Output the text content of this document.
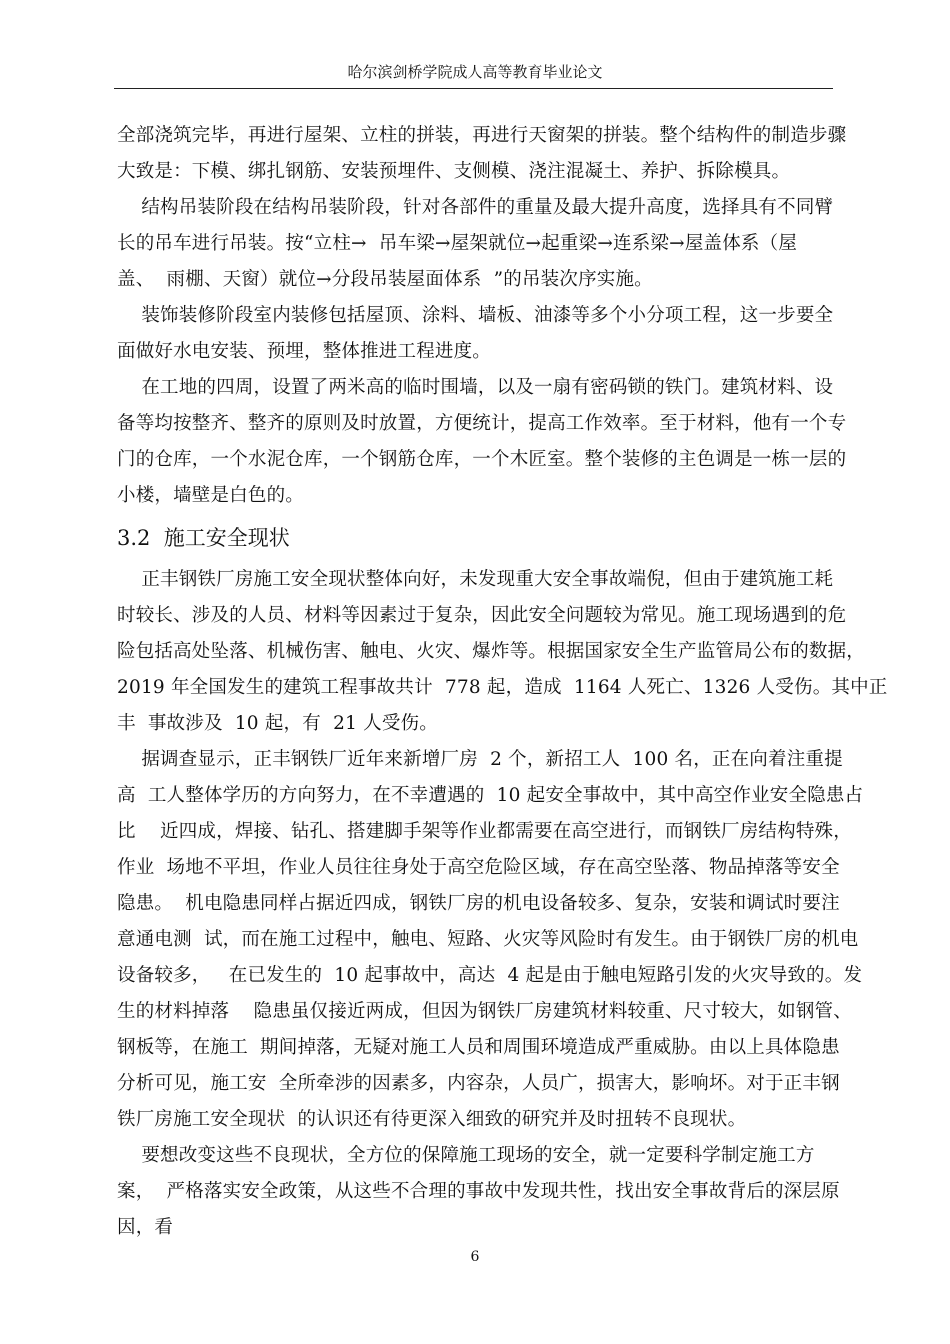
哈尔滨剑桥学院成人高等教育毕业论文
全部浇筑完毕，再进行屋架、立柱的拼装，再进行天窗架的拼装。整个结构件的制造步骤
大致是：下模、绑扎钢筋、安装预埋件、支侧模、浇注混凝土、养护、拆除模具。
结构吊装阶段在结构吊装阶段，针对各部件的重量及最大提升高度，选择具有不同臂
长的吊车进行吊装。按“立柱→  吊车梁→屋架就位→起重梁→连系梁→屋盖体系（屋
盖、  雨棚、天窗）就位→分段吊装屋面体系  ”的吊装次序实施。
装饰装修阶段室内装修包括屋顶、涂料、墙板、油漆等多个小分项工程，这一步要全
面做好水电安装、预埋，整体推进工程进度。
在工地的四周，设置了两米高的临时围墙，以及一扇有密码锁的铁门。建筑材料、设
备等均按整齐、整齐的原则及时放置，方便统计，提高工作效率。至于材料，他有一个专
门的仓库，一个水泥仓库，一个钢筋仓库，一个木匠室。整个装修的主色调是一栋一层的
小楼，墙壁是白色的。
3.2  施工安全现状
正丰钢铁厂房施工安全现状整体向好，未发现重大安全事故端倪，但由于建筑施工耗
时较长、涉及的人员、材料等因素过于复杂，因此安全问题较为常见。施工现场遇到的危
险包括高处坠落、机械伤害、触电、火灾、爆炸等。根据国家安全生产监管局公布的数据，
2019 年全国发生的建筑工程事故共计  778 起，造成  1164 人死亡、1326 人受伤。其中正
丰  事故涉及  10 起，有  21 人受伤。
据调查显示，正丰钢铁厂近年来新增厂房  2 个，新招工人  100 名，正在向着注重提
高  工人整体学历的方向努力，在不幸遭遇的  10 起安全事故中，其中高空作业安全隐患占
比    近四成，焊接、钻孔、搭建脚手架等作业都需要在高空进行，而钢铁厂房结构特殊，
作业  场地不平坦，作业人员往往身处于高空危险区域，存在高空坠落、物品掉落等安全
隐患。  机电隐患同样占据近四成，钢铁厂房的机电设备较多、复杂，安装和调试时要注
意通电测  试，而在施工过程中，触电、短路、火灾等风险时有发生。由于钢铁厂房的机电
设备较多，   在已发生的  10 起事故中，高达  4 起是由于触电短路引发的火灾导致的。发
生的材料掉落    隐患虽仅接近两成，但因为钢铁厂房建筑材料较重、尺寸较大，如钢管、
钢板等，在施工  期间掉落，无疑对施工人员和周围环境造成严重威胁。由以上具体隐患
分析可见，施工安  全所牵涉的因素多，内容杂，人员广，损害大，影响坏。对于正丰钢
铁厂房施工安全现状  的认识还有待更深入细致的研究并及时扭转不良现状。
要想改变这些不良现状，全方位的保障施工现场的安全，就一定要科学制定施工方
案，  严格落实安全政策，从这些不合理的事故中发现共性，找出安全事故背后的深层原
因，看
6
